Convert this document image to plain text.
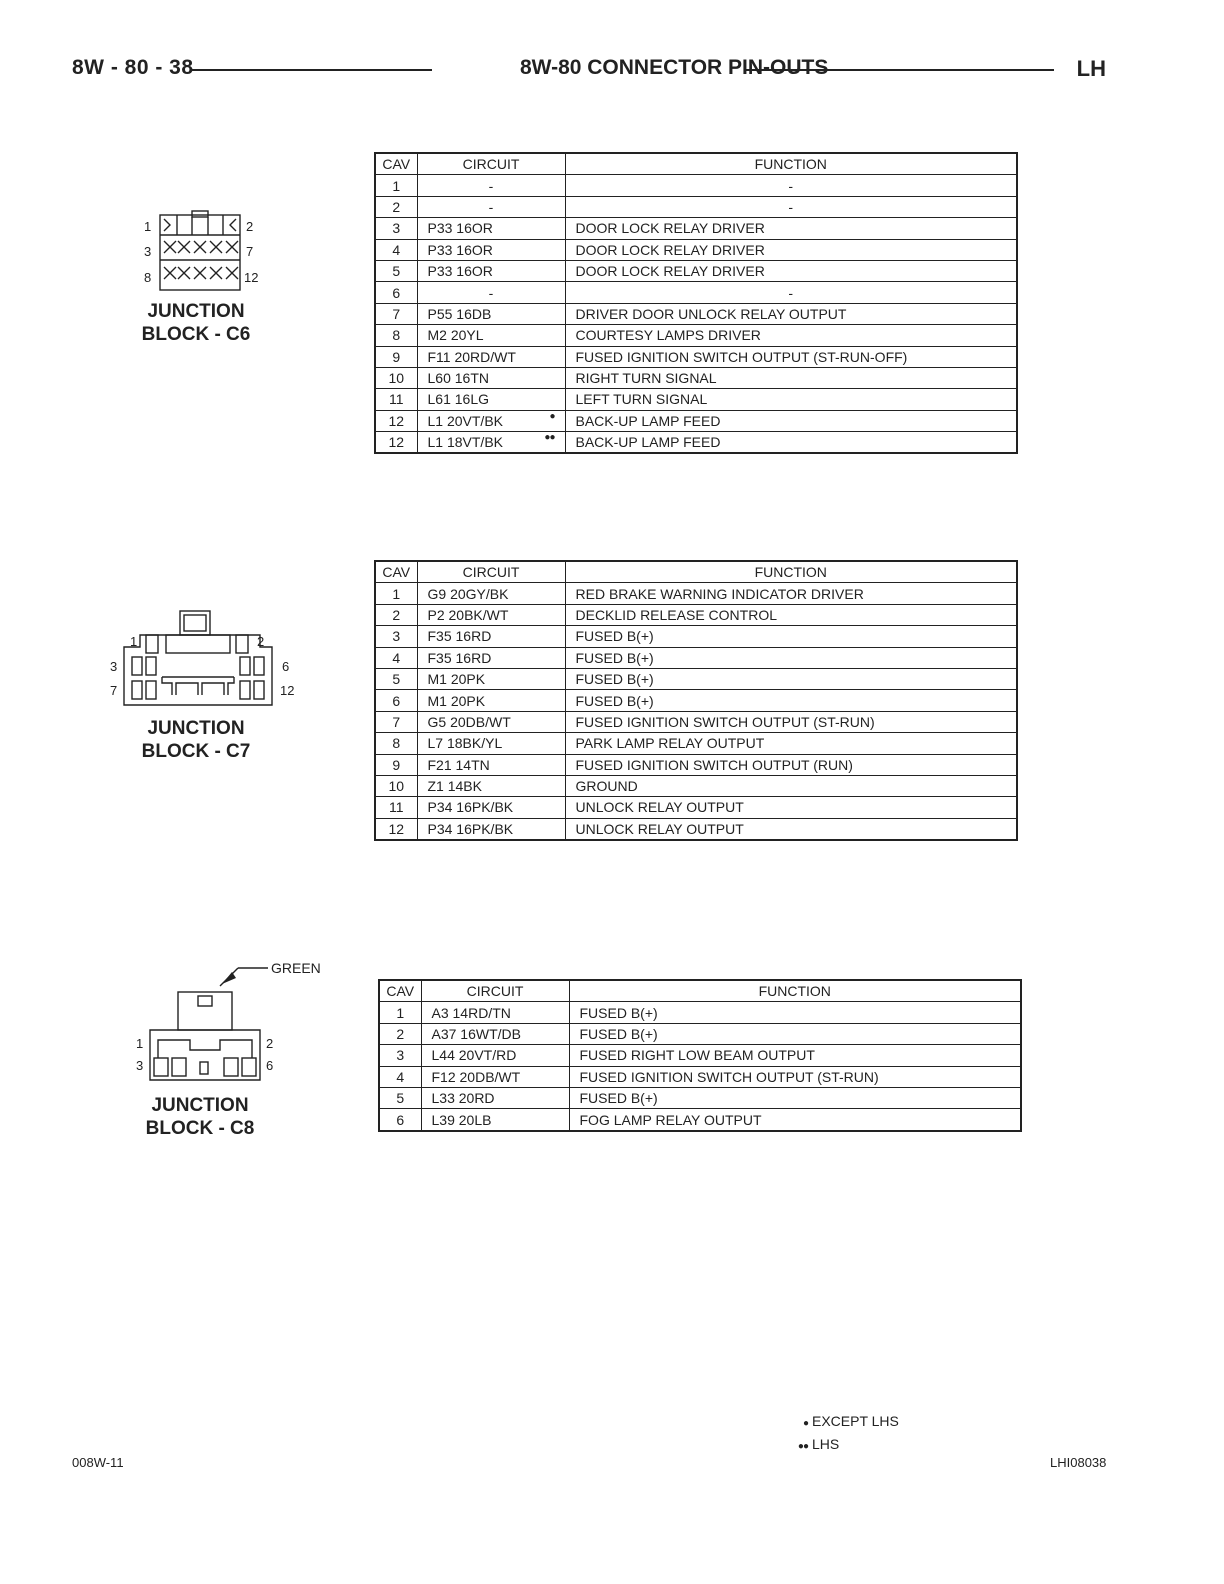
8W - 80 - 38	8W-80 CONNECTOR PIN-OUTS	LH
1	2
3	7
8	12
JUNCTION
BLOCK - C6
CAV	CIRCUIT	FUNCTION
1	-	-
2	-	-
3	P33 16OR	DOOR LOCK RELAY DRIVER
4	P33 16OR	DOOR LOCK RELAY DRIVER
5	P33 16OR	DOOR LOCK RELAY DRIVER
6	-	-
7	P55 16DB	DRIVER DOOR UNLOCK RELAY OUTPUT
8	M2 20YL	COURTESY LAMPS DRIVER
9	F11 20RD/WT	FUSED IGNITION SWITCH OUTPUT (ST-RUN-OFF)
10	L60 16TN	RIGHT TURN SIGNAL
11	L61 16LG	LEFT TURN SIGNAL
12	L1 20VT/BK ●	BACK-UP LAMP FEED
12	L1 18VT/BK ●●	BACK-UP LAMP FEED
1	2
3	6
7	12
JUNCTION
BLOCK - C7
CAV	CIRCUIT	FUNCTION
1	G9 20GY/BK	RED BRAKE WARNING INDICATOR DRIVER
2	P2 20BK/WT	DECKLID RELEASE CONTROL
3	F35 16RD	FUSED B(+)
4	F35 16RD	FUSED B(+)
5	M1 20PK	FUSED B(+)
6	M1 20PK	FUSED B(+)
7	G5 20DB/WT	FUSED IGNITION SWITCH OUTPUT (ST-RUN)
8	L7 18BK/YL	PARK LAMP RELAY OUTPUT
9	F21 14TN	FUSED IGNITION SWITCH OUTPUT (RUN)
10	Z1 14BK	GROUND
11	P34 16PK/BK	UNLOCK RELAY OUTPUT
12	P34 16PK/BK	UNLOCK RELAY OUTPUT
GREEN
1	2
3	6
JUNCTION
BLOCK - C8
CAV	CIRCUIT	FUNCTION
1	A3 14RD/TN	FUSED B(+)
2	A37 16WT/DB	FUSED B(+)
3	L44 20VT/RD	FUSED RIGHT LOW BEAM OUTPUT
4	F12 20DB/WT	FUSED IGNITION SWITCH OUTPUT (ST-RUN)
5	L33 20RD	FUSED B(+)
6	L39 20LB	FOG LAMP RELAY OUTPUT
● EXCEPT LHS
●● LHS
008W-11	LHI08038
